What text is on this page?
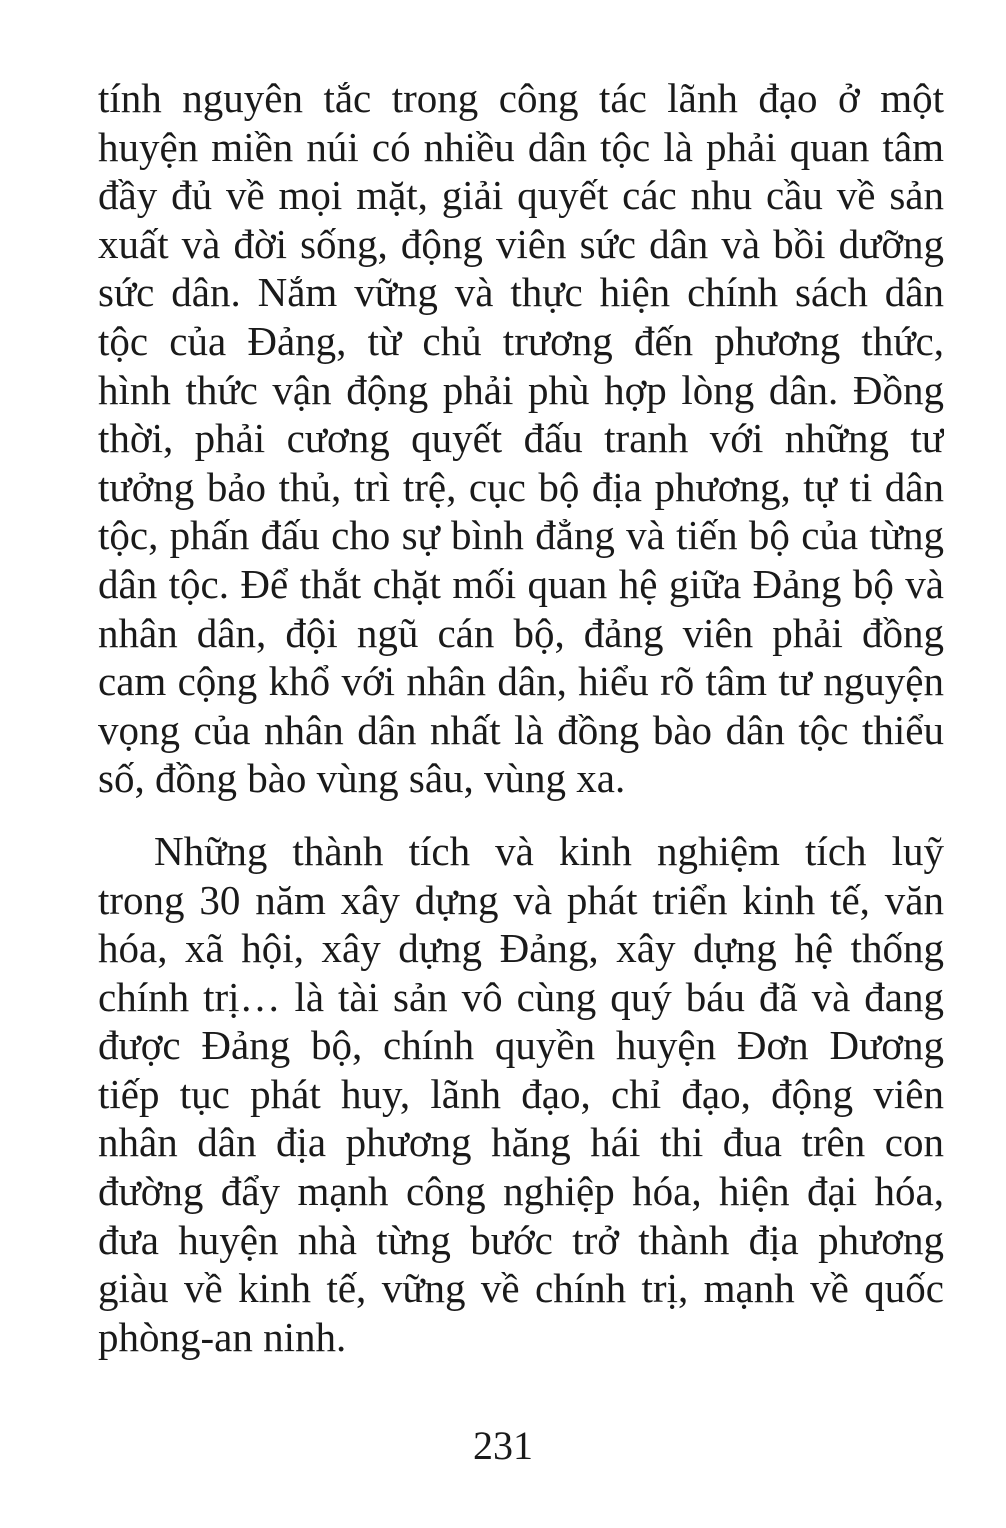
tính nguyên tắc trong công tác lãnh đạo ở một
huyện miền núi có nhiều dân tộc là phải quan tâm
đầy đủ về mọi mặt, giải quyết các nhu cầu về sản
xuất và đời sống, động viên sức dân và bồi dưỡng
sức dân. Nắm vững và thực hiện chính sách dân
tộc của Đảng, từ chủ trương đến phương thức,
hình thức vận động phải phù hợp lòng dân. Đồng
thời, phải cương quyết đấu tranh với những tư
tưởng bảo thủ, trì trệ, cục bộ địa phương, tự ti dân
tộc, phấn đấu cho sự bình đẳng và tiến bộ của từng
dân tộc. Để thắt chặt mối quan hệ giữa Đảng bộ và
nhân dân, đội ngũ cán bộ, đảng viên phải đồng
cam cộng khổ với nhân dân, hiểu rõ tâm tư nguyện
vọng của nhân dân nhất là đồng bào dân tộc thiểu
số, đồng bào vùng sâu, vùng xa.
Những thành tích và kinh nghiệm tích luỹ
trong 30 năm xây dựng và phát triển kinh tế, văn
hóa, xã hội, xây dựng Đảng, xây dựng hệ thống
chính trị… là tài sản vô cùng quý báu đã và đang
được Đảng bộ, chính quyền huyện Đơn Dương
tiếp tục phát huy, lãnh đạo, chỉ đạo, động viên
nhân dân địa phương hăng hái thi đua trên con
đường đẩy mạnh công nghiệp hóa, hiện đại hóa,
đưa huyện nhà từng bước trở thành địa phương
giàu về kinh tế, vững về chính trị, mạnh về quốc
phòng-an ninh.
231
